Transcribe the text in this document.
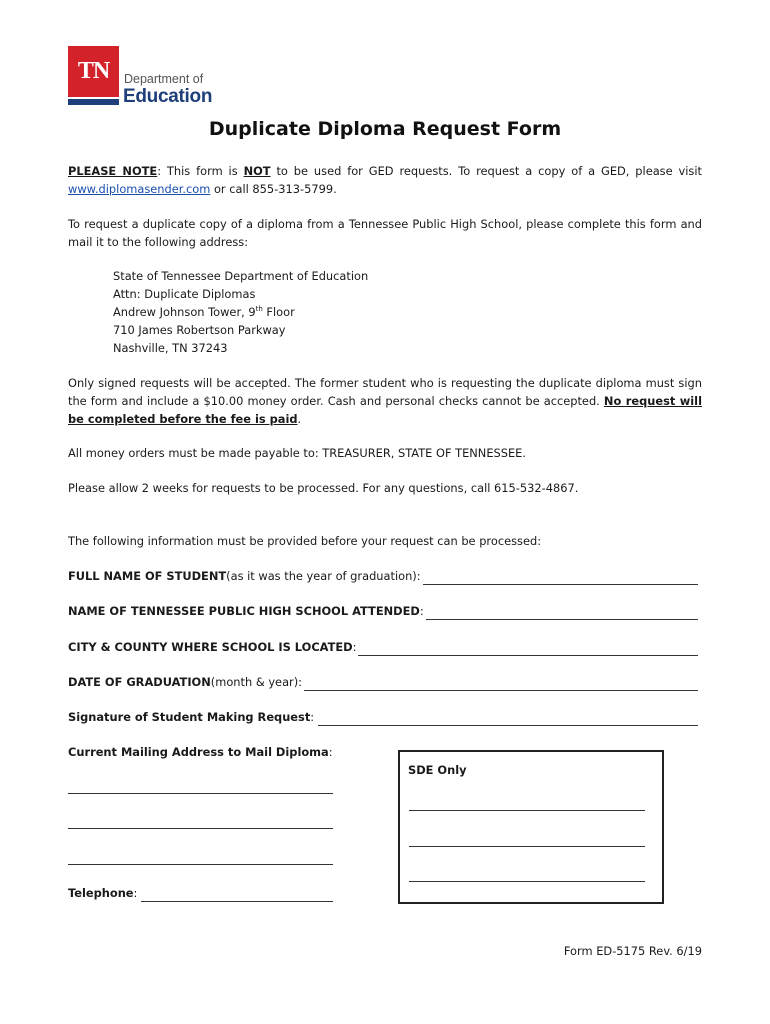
TN	Department of
Education
Duplicate Diploma Request Form
PLEASE NOTE: This form is NOT to be used for GED requests. To request a copy of a GED, please visit
www.diplomasender.com or call 855-313-5799.
To request a duplicate copy of a diploma from a Tennessee Public High School, please complete this form and
mail it to the following address:
State of Tennessee Department of Education
Attn: Duplicate Diplomas
Andrew Johnson Tower, 9th Floor
710 James Robertson Parkway
Nashville, TN 37243
Only signed requests will be accepted. The former student who is requesting the duplicate diploma must sign
the form and include a $10.00 money order. Cash and personal checks cannot be accepted. No request will
be completed before the fee is paid.
All money orders must be made payable to: TREASURER, STATE OF TENNESSEE.
Please allow 2 weeks for requests to be processed. For any questions, call 615-532-4867.
The following information must be provided before your request can be processed:
FULL NAME OF STUDENT (as it was the year of graduation):
NAME OF TENNESSEE PUBLIC HIGH SCHOOL ATTENDED :
CITY & COUNTY WHERE SCHOOL IS LOCATED :
DATE OF GRADUATION (month & year):
Signature of Student Making Request :
Current Mailing Address to Mail Diploma:
Telephone :
SDE Only
Form ED-5175 Rev. 6/19
